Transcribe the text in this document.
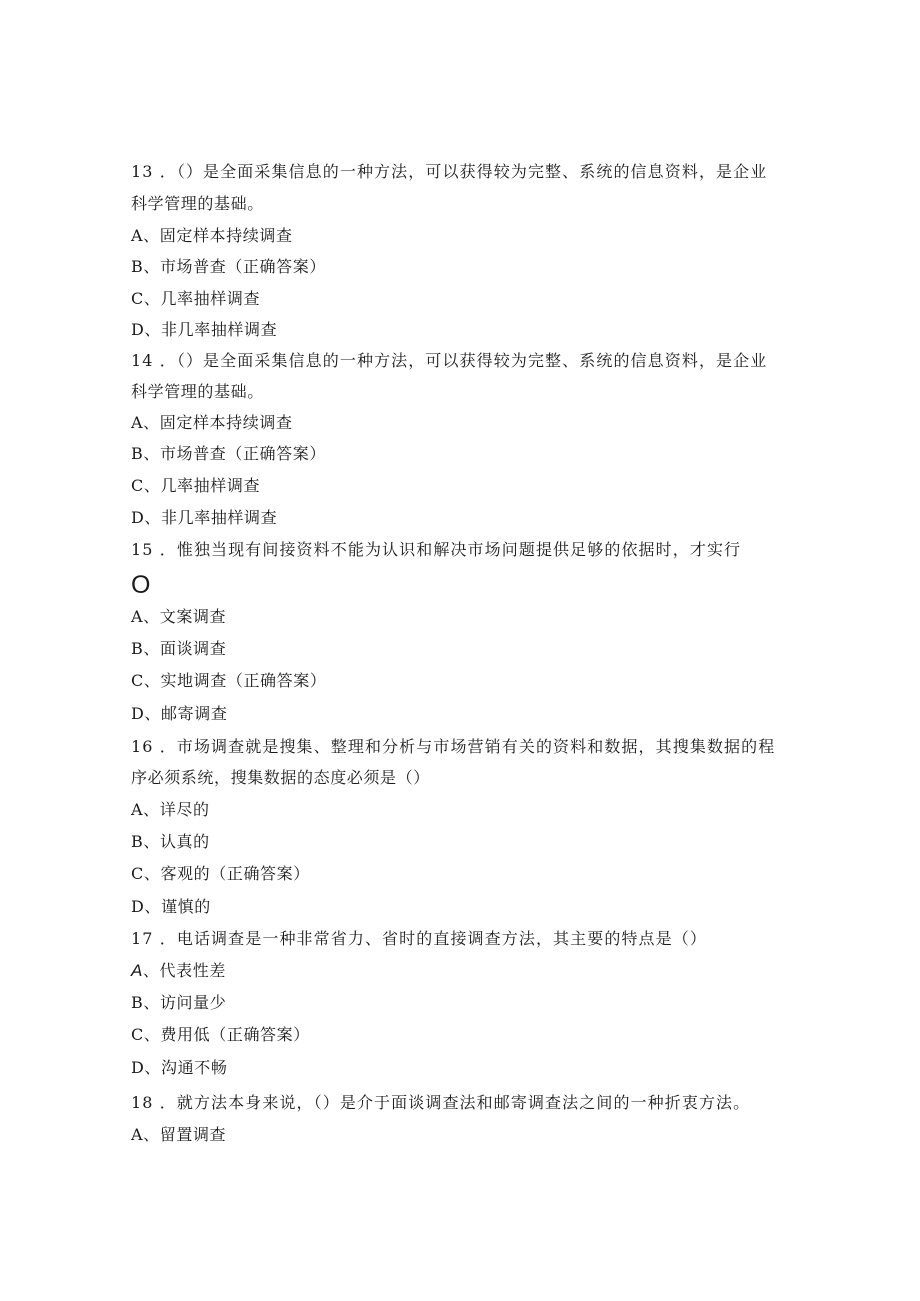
13 ．（）是全面采集信息的一种方法，可以获得较为完整、系统的信息资料，是企业
科学管理的基础。
A、固定样本持续调查
B、市场普查（正确答案）
C、几率抽样调查
D、非几率抽样调查
14 ．（）是全面采集信息的一种方法，可以获得较为完整、系统的信息资料，是企业
科学管理的基础。
A、固定样本持续调查
B、市场普查（正确答案）
C、几率抽样调查
D、非几率抽样调查
15 ．惟独当现有间接资料不能为认识和解决市场问题提供足够的依据时，才实行
O
A、文案调查
B、面谈调查
C、实地调查（正确答案）
D、邮寄调查
16 ．市场调查就是搜集、整理和分析与市场营销有关的资料和数据，其搜集数据的程
序必须系统，搜集数据的态度必须是（）
A、详尽的
B、认真的
C、客观的（正确答案）
D、谨慎的
17 ．电话调查是一种非常省力、省时的直接调查方法，其主要的特点是（）
A、代表性差
B、访问量少
C、费用低（正确答案）
D、沟通不畅
18 ．就方法本身来说，（）是介于面谈调查法和邮寄调查法之间的一种折衷方法。
A、留置调查
